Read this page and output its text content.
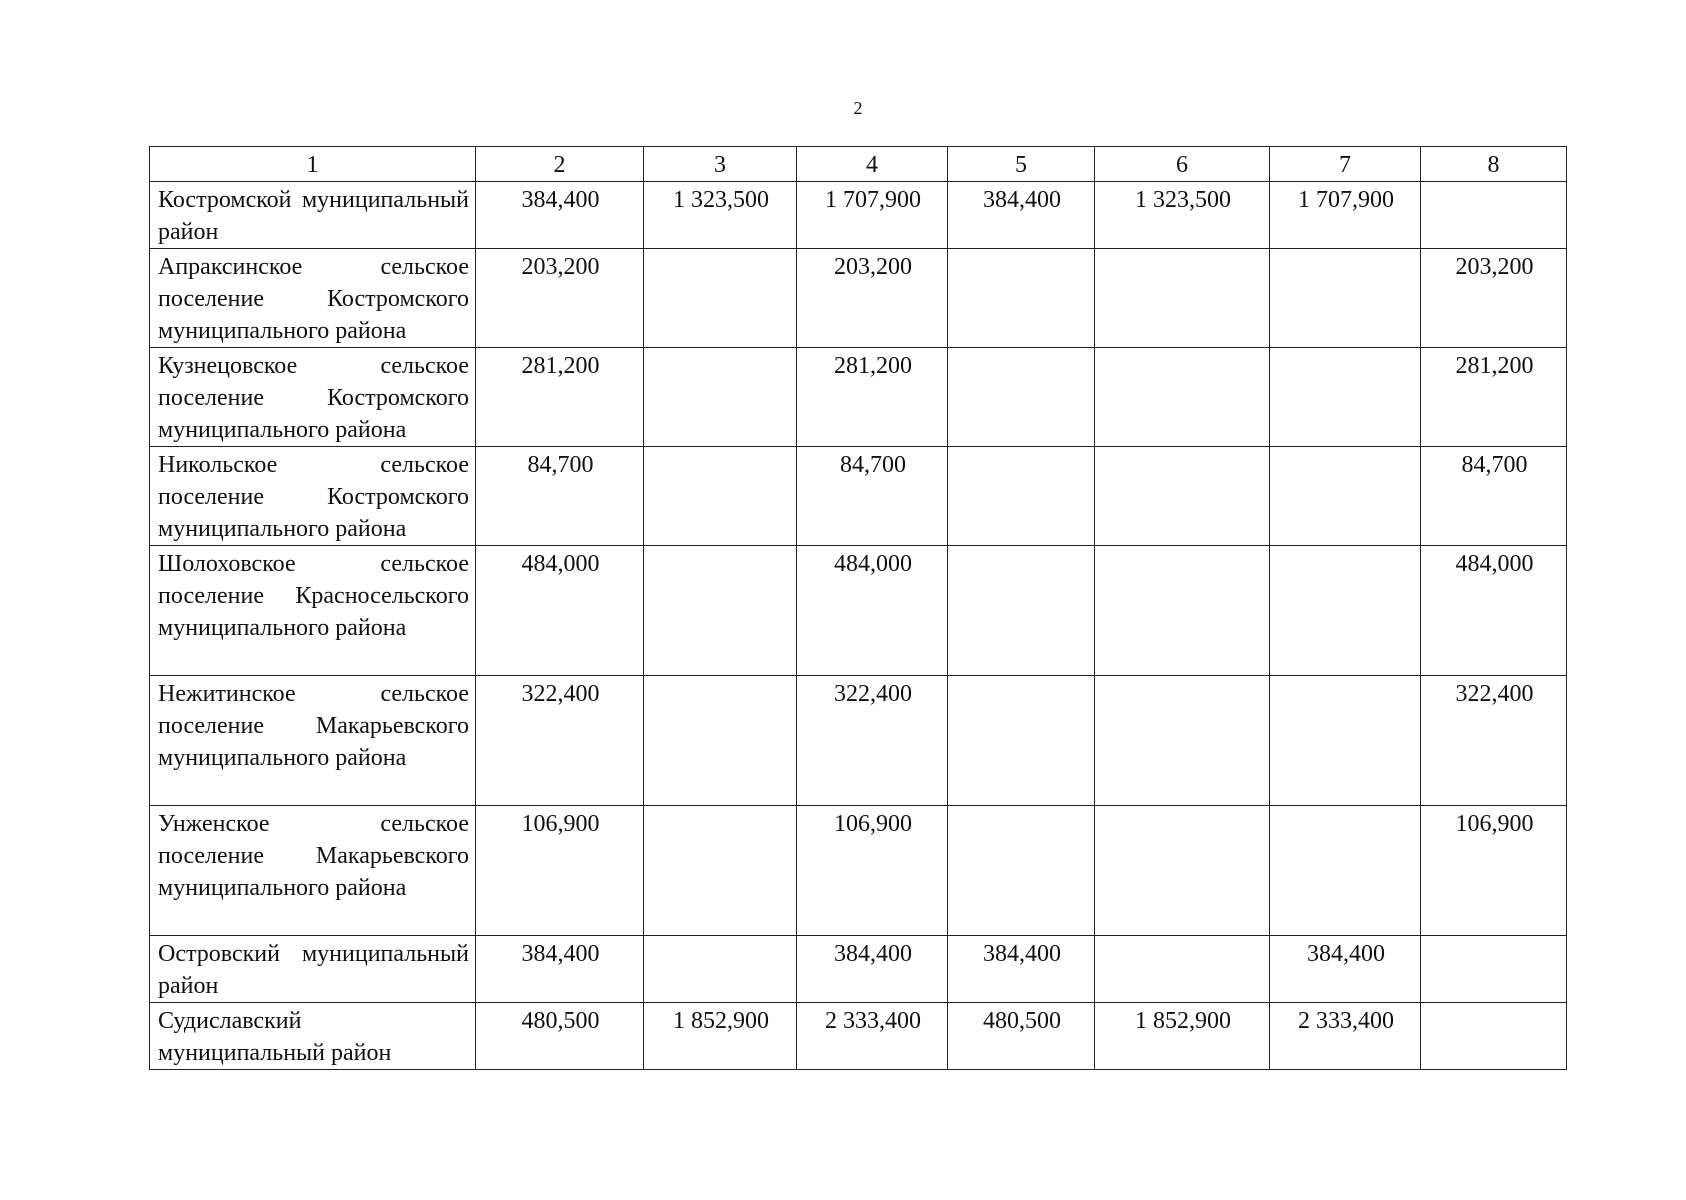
2
1	2	3	4	5	6	7	8
Костромской муниципальный район	384,400	1 323,500	1 707,900	384,400	1 323,500	1 707,900	
Апраксинское сельское поселение Костромского муниципального района	203,200		203,200				203,200
Кузнецовское сельское поселение Костромского муниципального района	281,200		281,200				281,200
Никольское сельское поселение Костромского муниципального района	84,700		84,700				84,700
Шолоховское сельское поселение Красносельского муниципального района	484,000		484,000				484,000
Нежитинское сельское поселение Макарьевского муниципального района	322,400		322,400				322,400
Унженское сельское поселение Макарьевского муниципального района	106,900		106,900				106,900
Островский муниципальный район	384,400		384,400	384,400		384,400	
Судиславский муниципальный район	480,500	1 852,900	2 333,400	480,500	1 852,900	2 333,400	
